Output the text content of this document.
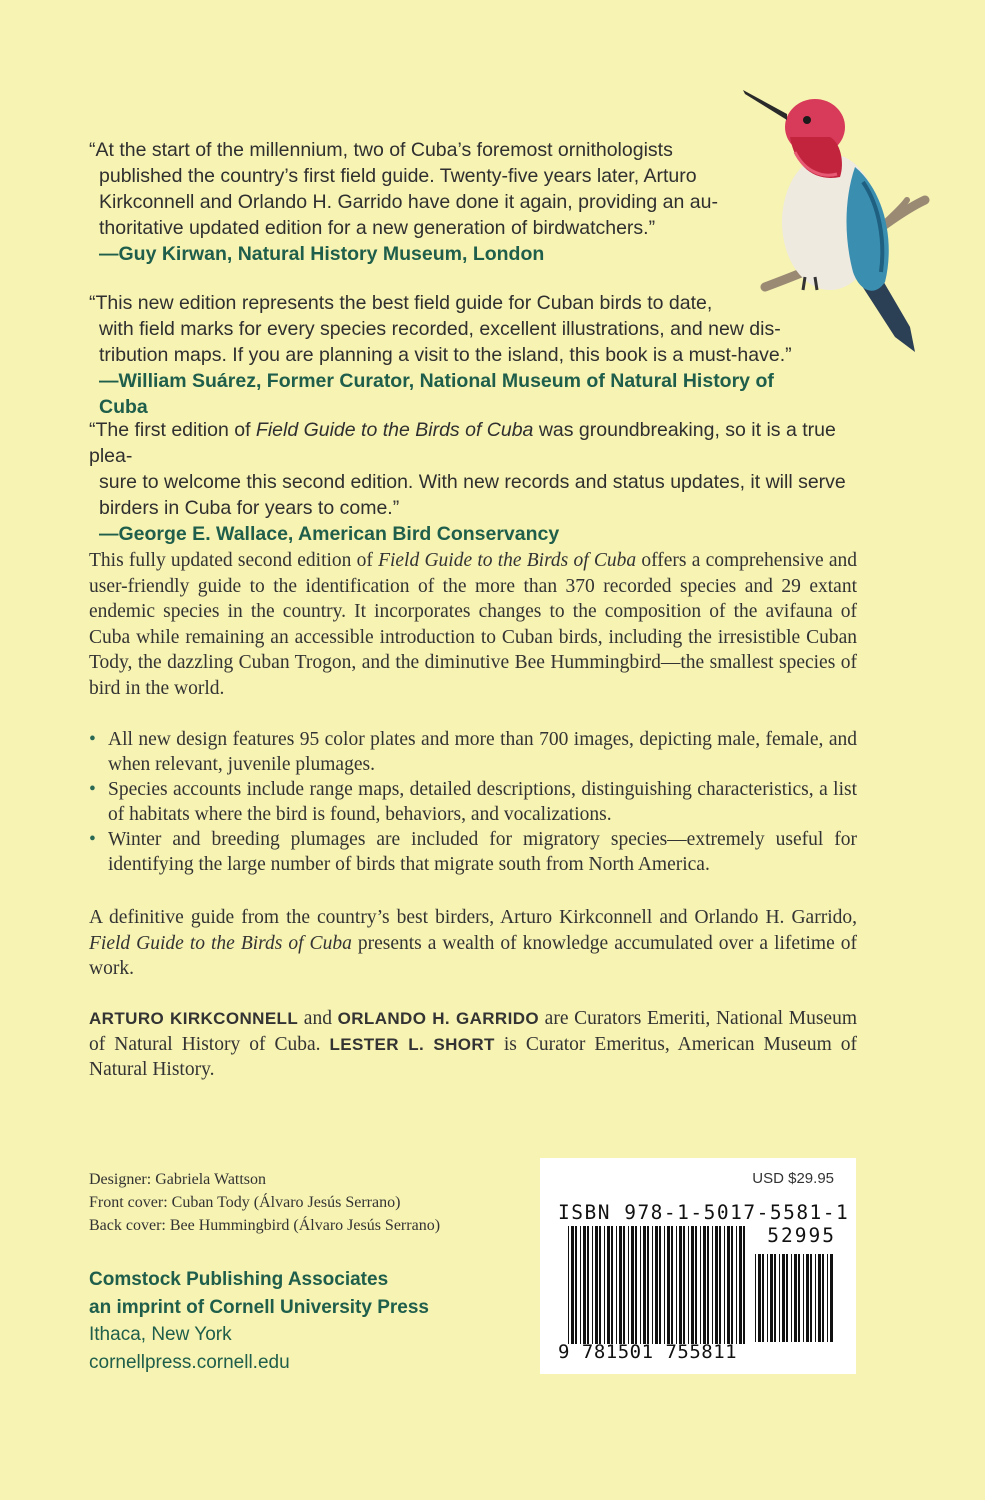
“At the start of the millennium, two of Cuba’s foremost ornithologists

published the country’s first field guide. Twenty-five years later, Arturo

Kirkconnell and Orlando H. Garrido have done it again, providing an au-

thoritative updated edition for a new generation of birdwatchers.”

—Guy Kirwan, Natural History Museum, London

“This new edition represents the best field guide for Cuban birds to date,

with field marks for every species recorded, excellent illustrations, and new dis-

tribution maps. If you are planning a visit to the island, this book is a must-have.”

—William Suárez, Former Curator, National Museum of Natural History of Cuba

“The first edition of Field Guide to the Birds of Cuba was groundbreaking, so it is a true plea-

sure to welcome this second edition. With new records and status updates, it will serve

birders in Cuba for years to come.”

—George E. Wallace, American Bird Conservancy

This fully updated second edition of Field Guide to the Birds of Cuba offers a comprehensive and user-friendly guide to the identification of the more than 370 recorded species and 29 extant endemic species in the country. It incorporates changes to the composition of the avifauna of Cuba while remaining an accessible introduction to Cuban birds, including the irresistible Cuban Tody, the dazzling Cuban Trogon, and the diminutive Bee Hummingbird—the smallest species of bird in the world.

• All new design features 95 color plates and more than 700 images, depicting male, female, and when relevant, juvenile plumages.
• Species accounts include range maps, detailed descriptions, distinguishing characteristics, a list of habitats where the bird is found, behaviors, and vocalizations.
• Winter and breeding plumages are included for migratory species—extremely useful for identifying the large number of birds that migrate south from North America.

A definitive guide from the country’s best birders, Arturo Kirkconnell and Orlando H. Garrido, Field Guide to the Birds of Cuba presents a wealth of knowledge accumulated over a lifetime of work.

ARTURO KIRKCONNELL and ORLANDO H. GARRIDO are Curators Emeriti, National Museum of Natural History of Cuba. LESTER L. SHORT is Curator Emeritus, American Museum of Natural History.

Designer: Gabriela Wattson
Front cover: Cuban Tody (Álvaro Jesús Serrano)
Back cover: Bee Hummingbird (Álvaro Jesús Serrano)
Comstock Publishing Associates
an imprint of Cornell University Press
Ithaca, New York
cornellpress.cornell.edu
USD $29.95
ISBN 978-1-5017-5581-1
52995
9 781501 755811
